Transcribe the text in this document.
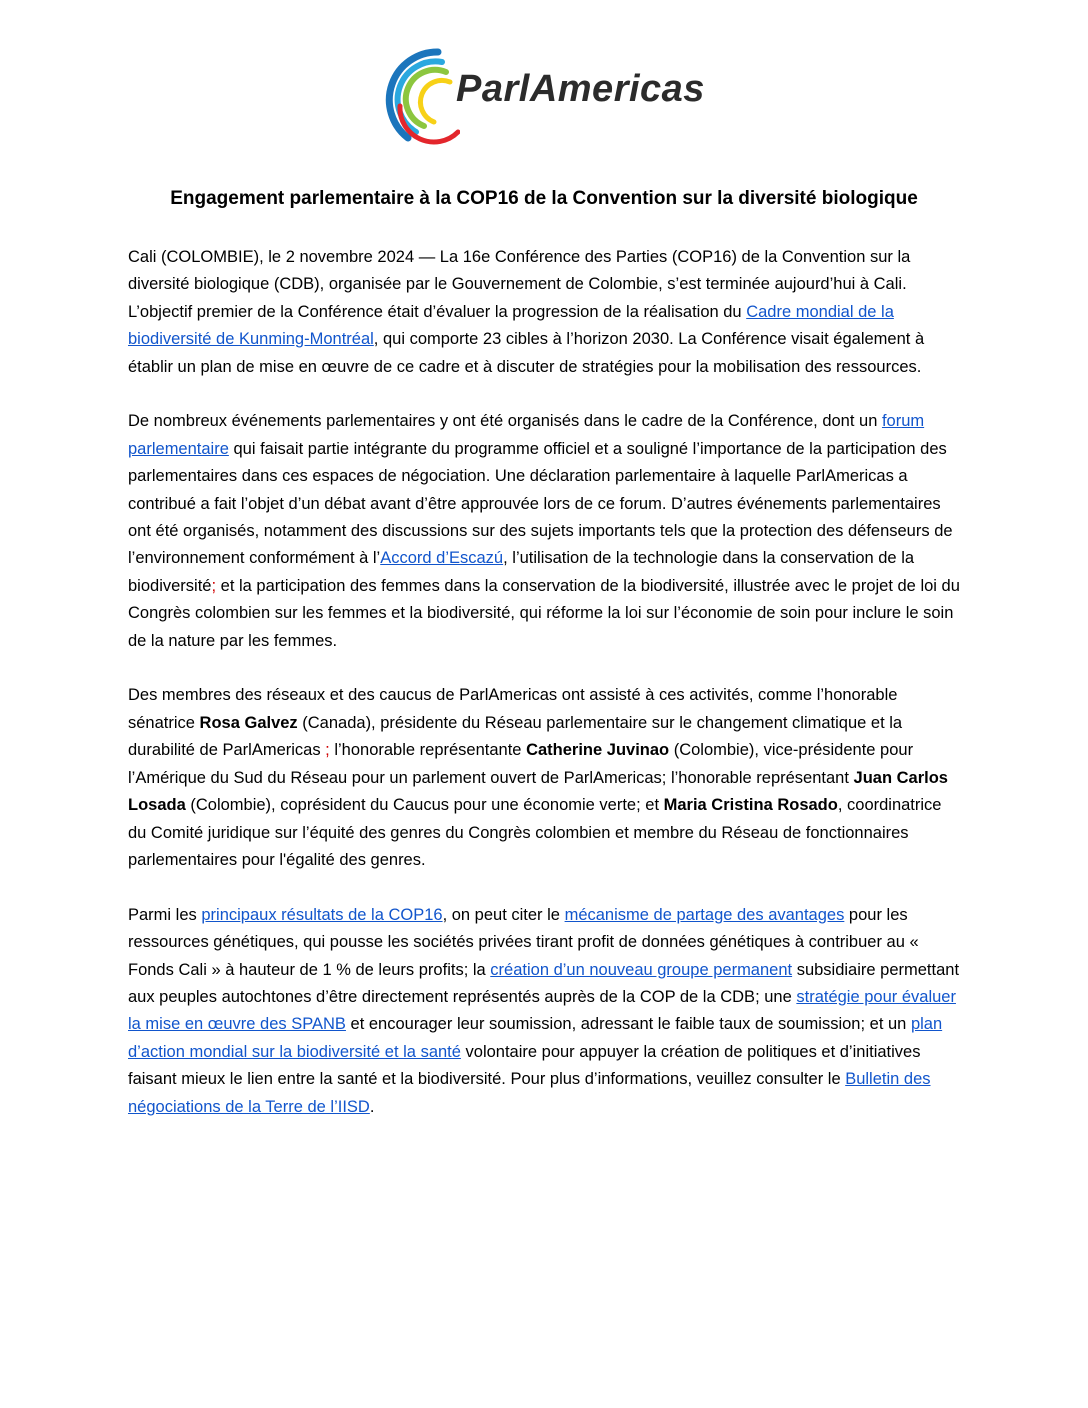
ParlAmericas
Engagement parlementaire à la COP16 de la Convention sur la diversité biologique

Cali (COLOMBIE), le 2 novembre 2024 — La 16e Conférence des Parties (COP16) de la Convention sur la diversité biologique (CDB), organisée par le Gouvernement de Colombie, s’est terminée aujourd’hui à Cali. L’objectif premier de la Conférence était d’évaluer la progression de la réalisation du Cadre mondial de la biodiversité de Kunming-Montréal, qui comporte 23 cibles à l’horizon 2030. La Conférence visait également à établir un plan de mise en œuvre de ce cadre et à discuter de stratégies pour la mobilisation des ressources.

De nombreux événements parlementaires y ont été organisés dans le cadre de la Conférence, dont un forum parlementaire qui faisait partie intégrante du programme officiel et a souligné l’importance de la participation des parlementaires dans ces espaces de négociation. Une déclaration parlementaire à laquelle ParlAmericas a contribué a fait l’objet d’un débat avant d’être approuvée lors de ce forum. D’autres événements parlementaires ont été organisés, notamment des discussions sur des sujets importants tels que la protection des défenseurs de l’environnement conformément à l’Accord d’Escazú, l’utilisation de la technologie dans la conservation de la biodiversité; et la participation des femmes dans la conservation de la biodiversité, illustrée avec le projet de loi du Congrès colombien sur les femmes et la biodiversité, qui réforme la loi sur l’économie de soin pour inclure le soin de la nature par les femmes.

Des membres des réseaux et des caucus de ParlAmericas ont assisté à ces activités, comme l’honorable sénatrice Rosa Galvez (Canada), présidente du Réseau parlementaire sur le changement climatique et la durabilité de ParlAmericas ; l’honorable représentante Catherine Juvinao (Colombie), vice-présidente pour l’Amérique du Sud du Réseau pour un parlement ouvert de ParlAmericas; l’honorable représentant Juan Carlos Losada (Colombie), coprésident du Caucus pour une économie verte; et Maria Cristina Rosado, coordinatrice du Comité juridique sur l’équité des genres du Congrès colombien et membre du Réseau de fonctionnaires parlementaires pour l'égalité des genres.

Parmi les principaux résultats de la COP16, on peut citer le mécanisme de partage des avantages pour les ressources génétiques, qui pousse les sociétés privées tirant profit de données génétiques à contribuer au « Fonds Cali » à hauteur de 1 % de leurs profits; la création d’un nouveau groupe permanent subsidiaire permettant aux peuples autochtones d’être directement représentés auprès de la COP de la CDB; une stratégie pour évaluer la mise en œuvre des SPANB et encourager leur soumission, adressant le faible taux de soumission; et un plan d’action mondial sur la biodiversité et la santé volontaire pour appuyer la création de politiques et d’initiatives faisant mieux le lien entre la santé et la biodiversité. Pour plus d’informations, veuillez consulter le Bulletin des négociations de la Terre de l’IISD.
